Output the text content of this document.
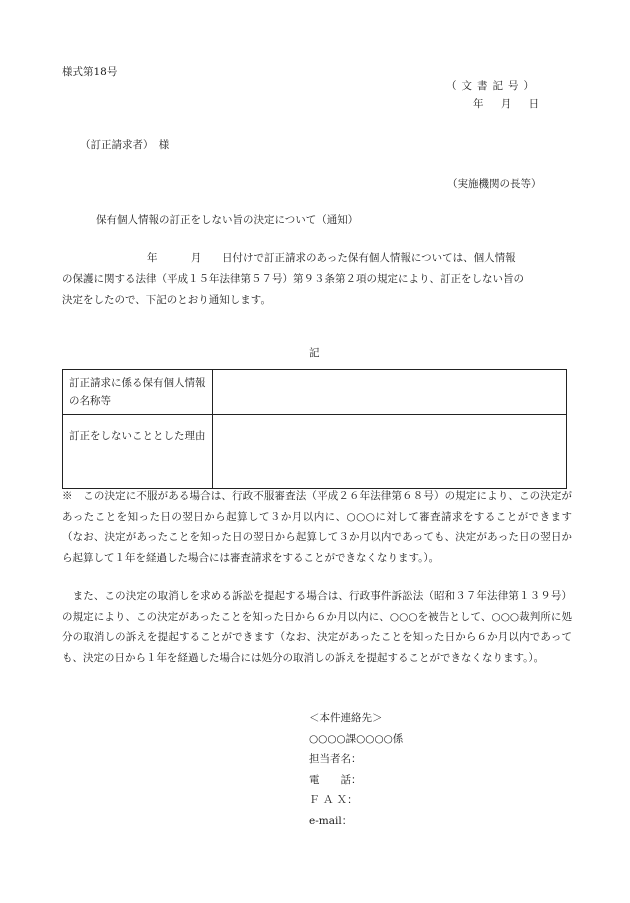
様式第18号
（文書記号）
年 月 日
（訂正請求者）　様
（実施機関の長等）
保有個人情報の訂正をしない旨の決定について（通知）
年 月 日付けで訂正請求のあった保有個人情報については、個人情報
の保護に関する法律（平成１５年法律第５７号）第９３条第２項の規定により、訂正をしない旨の
決定をしたので、下記のとおり通知します。
記
訂正請求に係る保有個人情報の名称等	
訂正をしないこととした理由	
※　この決定に不服がある場合は、行政不服審査法（平成２６年法律第６８号）の規定により、この決定があったことを知った日の翌日から起算して３か月以内に、○○○に対して審査請求をすることができます（なお、決定があったことを知った日の翌日から起算して３か月以内であっても、決定があった日の翌日から起算して１年を経過した場合には審査請求をすることができなくなります。）。
　また、この決定の取消しを求める訴訟を提起する場合は、行政事件訴訟法（昭和３７年法律第１３９号）の規定により、この決定があったことを知った日から６か月以内に、○○○を被告として、○○○裁判所に処分の取消しの訴えを提起することができます（なお、決定があったことを知った日から６か月以内であっても、決定の日から１年を経過した場合には処分の取消しの訴えを提起することができなくなります。）。
＜本件連絡先＞
○○○○課○○○○係
担当者名：
電　　話：
Ｆ Ａ Ｘ：
e‐mail：
